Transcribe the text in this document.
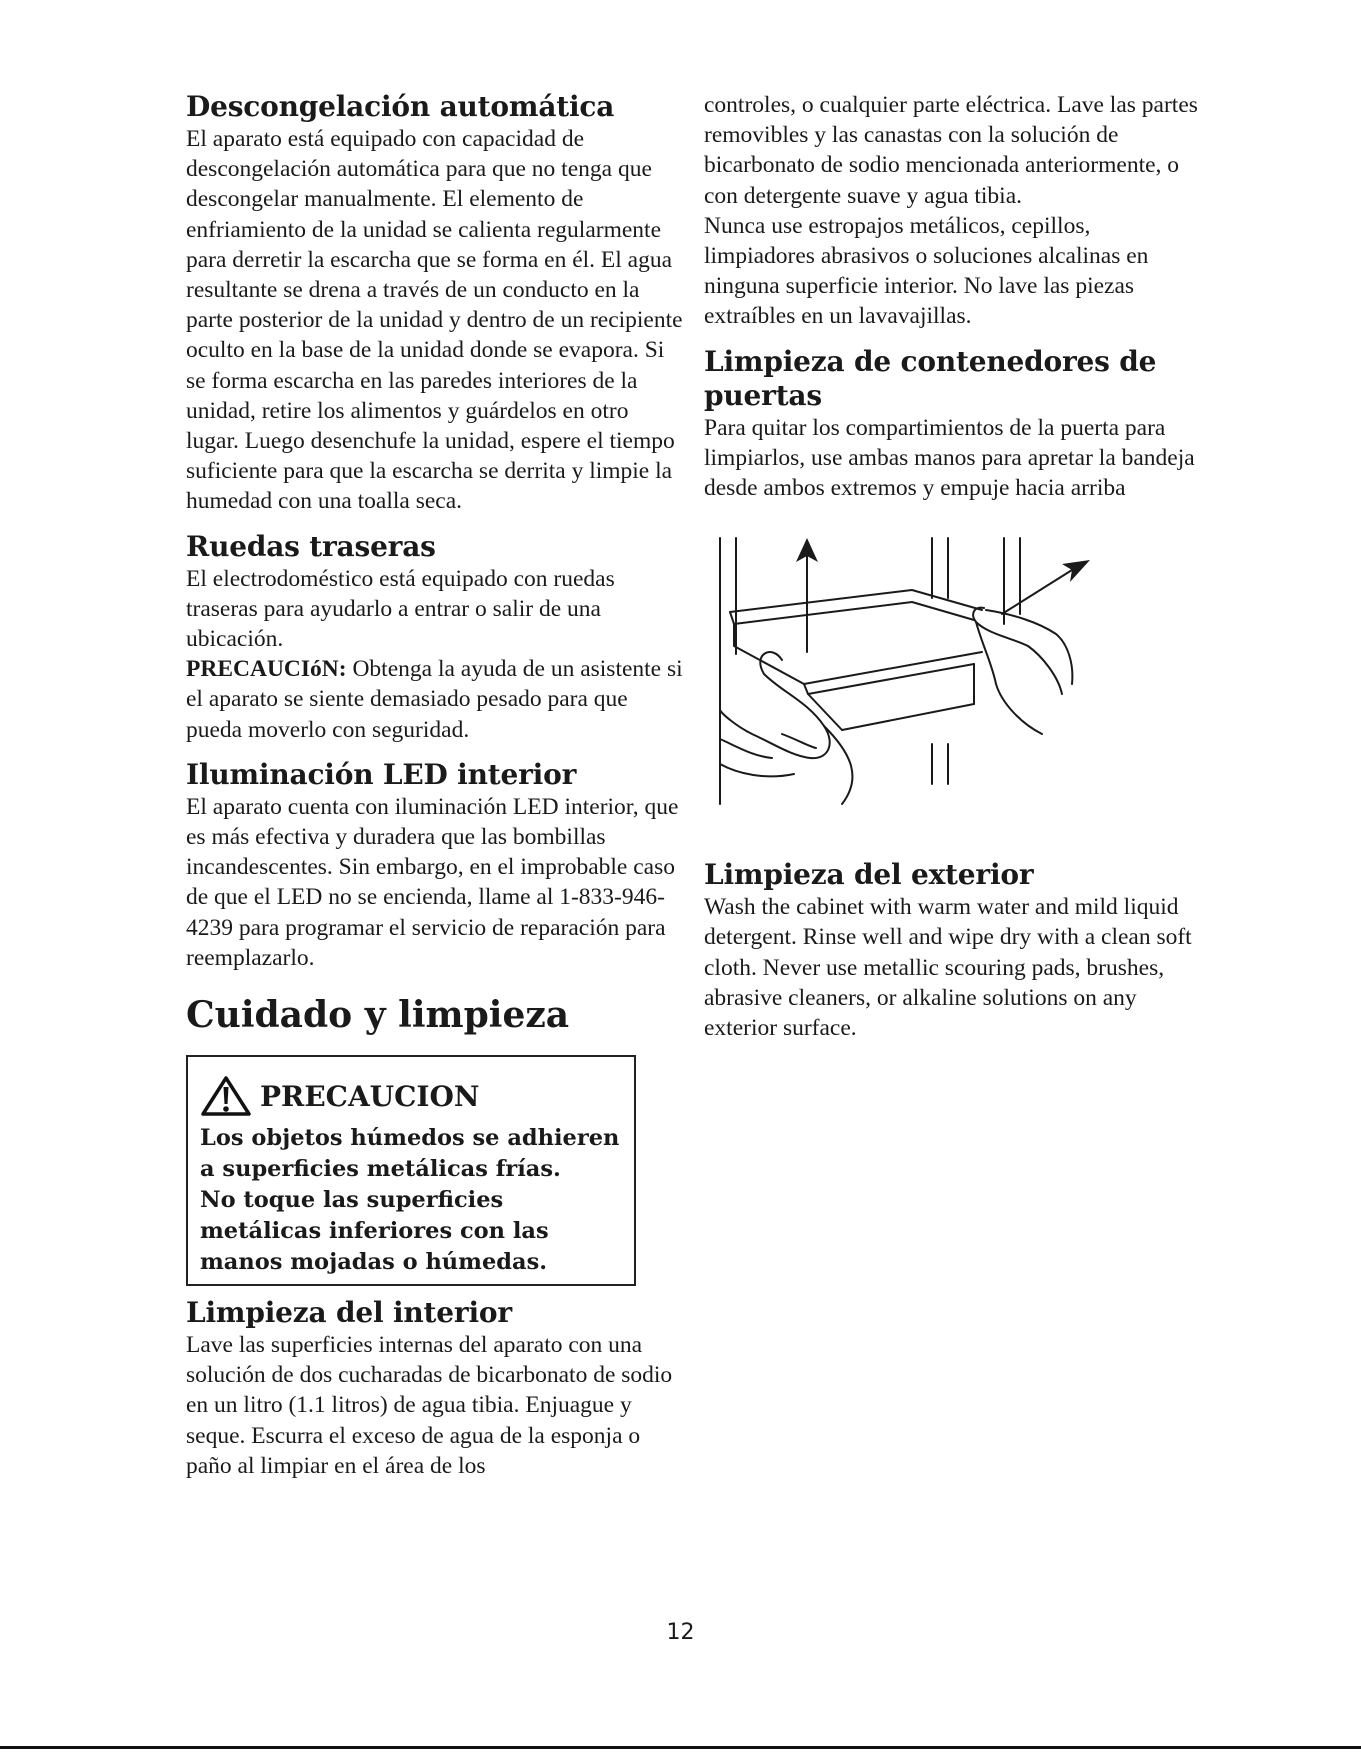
Descongelación automática

El aparato está equipado con capacidad de descongelación automática para que no tenga que descongelar manualmente. El elemento de enfriamiento de la unidad se calienta regularmente para derretir la escarcha que se forma en él. El agua resultante se drena a través de un conducto en la parte posterior de la unidad y dentro de un recipiente oculto en la base de la unidad donde se evapora. Si se forma escarcha en las paredes interiores de la unidad, retire los alimentos y guárdelos en otro lugar. Luego desenchufe la unidad, espere el tiempo suficiente para que la escarcha se derrita y limpie la humedad con una toalla seca.

Ruedas traseras

El electrodoméstico está equipado con ruedas traseras para ayudarlo a entrar o salir de una ubicación.

PRECAUCIóN: Obtenga la ayuda de un asistente si el aparato se siente demasiado pesado para que pueda moverlo con seguridad.

Iluminación LED interior

El aparato cuenta con iluminación LED interior, que es más efectiva y duradera que las bombillas incandescentes. Sin embargo, en el improbable caso de que el LED no se encienda, llame al 1-833-946-4239 para programar el servicio de reparación para reemplazarlo.

Cuidado y limpieza
PRECAUCION

Los objetos húmedos se adhieren a superficies metálicas frías.

No toque las superficies metálicas inferiores con las manos mojadas o húmedas.

Limpieza del interior

Lave las superficies internas del aparato con una solución de dos cucharadas de bicarbonato de sodio en un litro (1.1 litros) de agua tibia. Enjuague y seque. Escurra el exceso de agua de la esponja o paño al limpiar en el área de los

controles, o cualquier parte eléctrica. Lave las partes removibles y las canastas con la solución de bicarbonato de sodio mencionada anteriormente, o con detergente suave y agua tibia.

Nunca use estropajos metálicos, cepillos, limpiadores abrasivos o soluciones alcalinas en ninguna superficie interior. No lave las piezas extraíbles en un lavavajillas.

Limpieza de contenedores de puertas

Para quitar los compartimientos de la puerta para limpiarlos, use ambas manos para apretar la bandeja desde ambos extremos y empuje hacia arriba

Limpieza del exterior

Wash the cabinet with warm water and mild liquid detergent. Rinse well and wipe dry with a clean soft cloth. Never use metallic scouring pads, brushes, abrasive cleaners, or alkaline solutions on any exterior surface.

12
